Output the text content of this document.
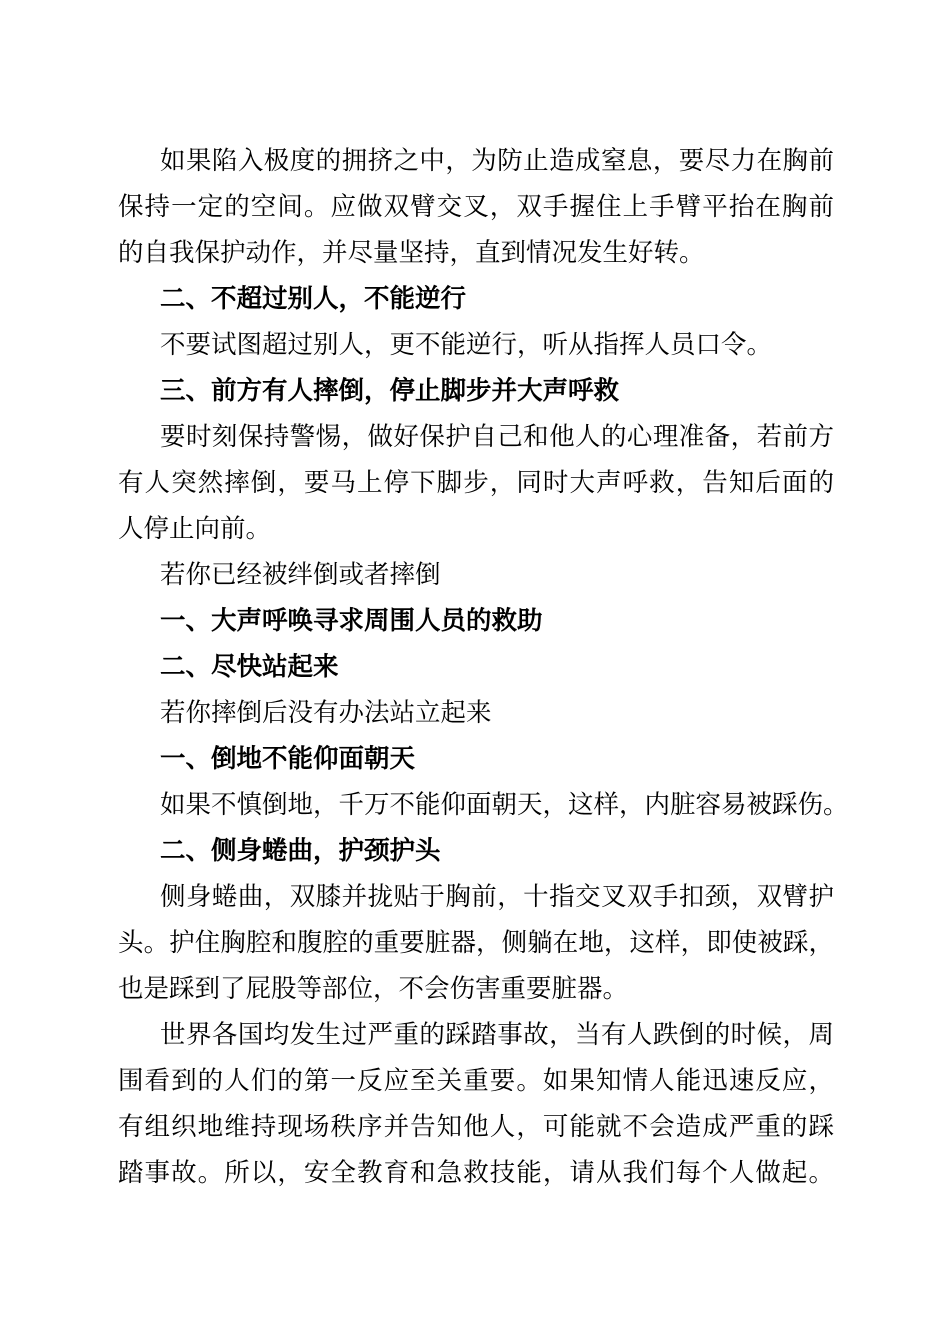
如果陷入极度的拥挤之中，为防止造成窒息，要尽力在胸前
保持一定的空间。应做双臂交叉，双手握住上手臂平抬在胸前
的自我保护动作，并尽量坚持，直到情况发生好转。
二、不超过别人，不能逆行
不要试图超过别人，更不能逆行，听从指挥人员口令。
三、前方有人摔倒，停止脚步并大声呼救
要时刻保持警惕，做好保护自己和他人的心理准备，若前方
有人突然摔倒，要马上停下脚步，同时大声呼救，告知后面的
人停止向前。
若你已经被绊倒或者摔倒
一、大声呼唤寻求周围人员的救助
二、尽快站起来
若你摔倒后没有办法站立起来
一、倒地不能仰面朝天
如果不慎倒地，千万不能仰面朝天，这样，内脏容易被踩伤。
二、侧身蜷曲，护颈护头
侧身蜷曲，双膝并拢贴于胸前，十指交叉双手扣颈，双臂护
头。护住胸腔和腹腔的重要脏器，侧躺在地，这样，即使被踩，
也是踩到了屁股等部位，不会伤害重要脏器。
世界各国均发生过严重的踩踏事故，当有人跌倒的时候，周
围看到的人们的第一反应至关重要。如果知情人能迅速反应，
有组织地维持现场秩序并告知他人，可能就不会造成严重的踩
踏事故。所以，安全教育和急救技能，请从我们每个人做起。
